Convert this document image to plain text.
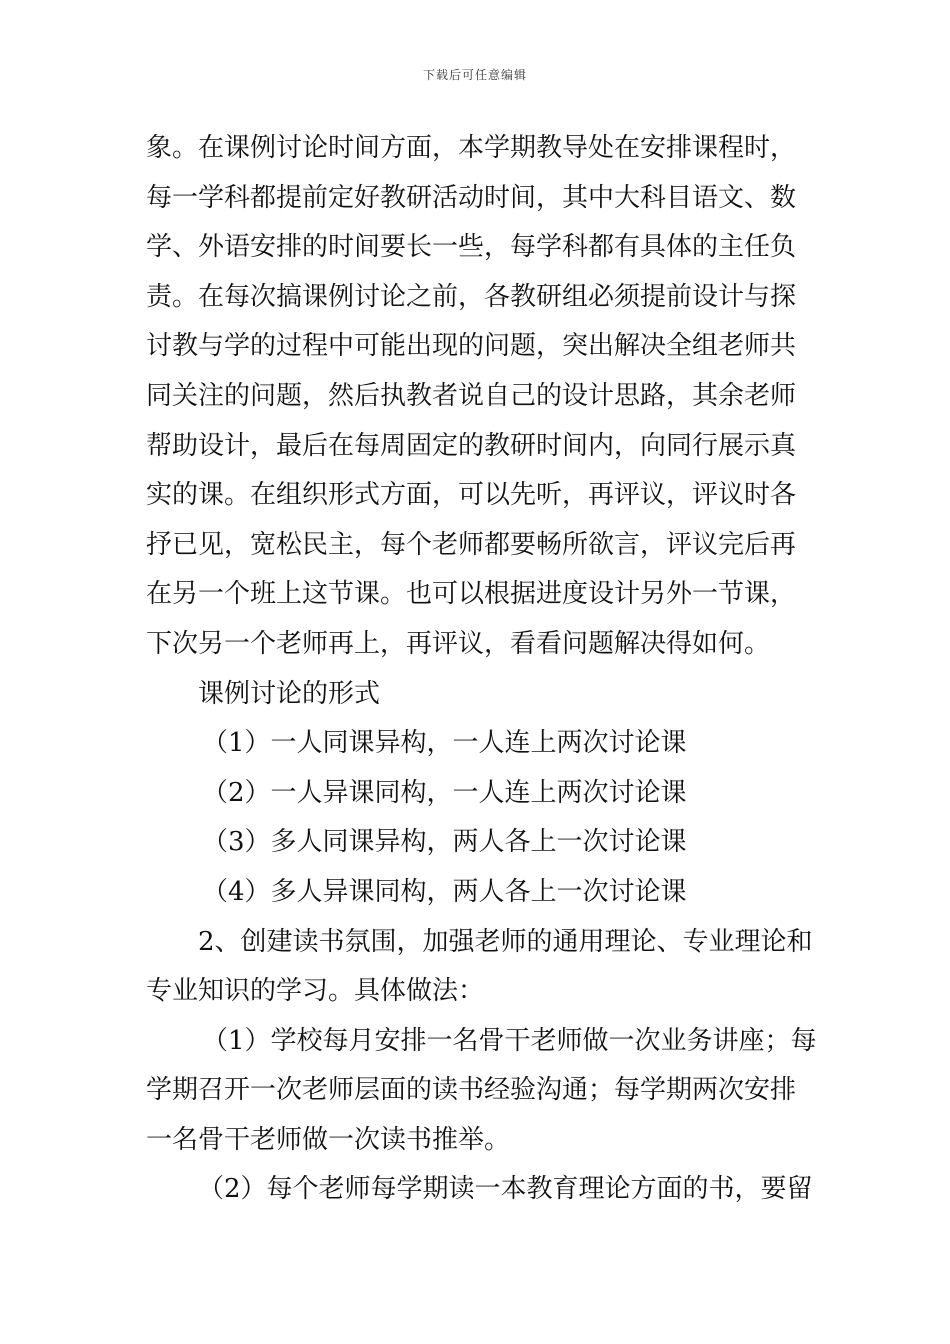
下载后可任意编辑
象。在课例讨论时间方面，本学期教导处在安排课程时，
每一学科都提前定好教研活动时间，其中大科目语文、数
学、外语安排的时间要长一些，每学科都有具体的主任负
责。在每次搞课例讨论之前，各教研组必须提前设计与探
讨教与学的过程中可能出现的问题，突出解决全组老师共
同关注的问题，然后执教者说自己的设计思路，其余老师
帮助设计，最后在每周固定的教研时间内，向同行展示真
实的课。在组织形式方面，可以先听，再评议，评议时各
抒已见，宽松民主，每个老师都要畅所欲言，评议完后再
在另一个班上这节课。也可以根据进度设计另外一节课，
下次另一个老师再上，再评议，看看问题解决得如何。
课例讨论的形式
（1）一人同课异构，一人连上两次讨论课
（2）一人异课同构，一人连上两次讨论课
（3）多人同课异构，两人各上一次讨论课
（4）多人异课同构，两人各上一次讨论课
2、创建读书氛围，加强老师的通用理论、专业理论和
专业知识的学习。具体做法：
（1）学校每月安排一名骨干老师做一次业务讲座；每
学期召开一次老师层面的读书经验沟通；每学期两次安排
一名骨干老师做一次读书推举。
（2）每个老师每学期读一本教育理论方面的书，要留
